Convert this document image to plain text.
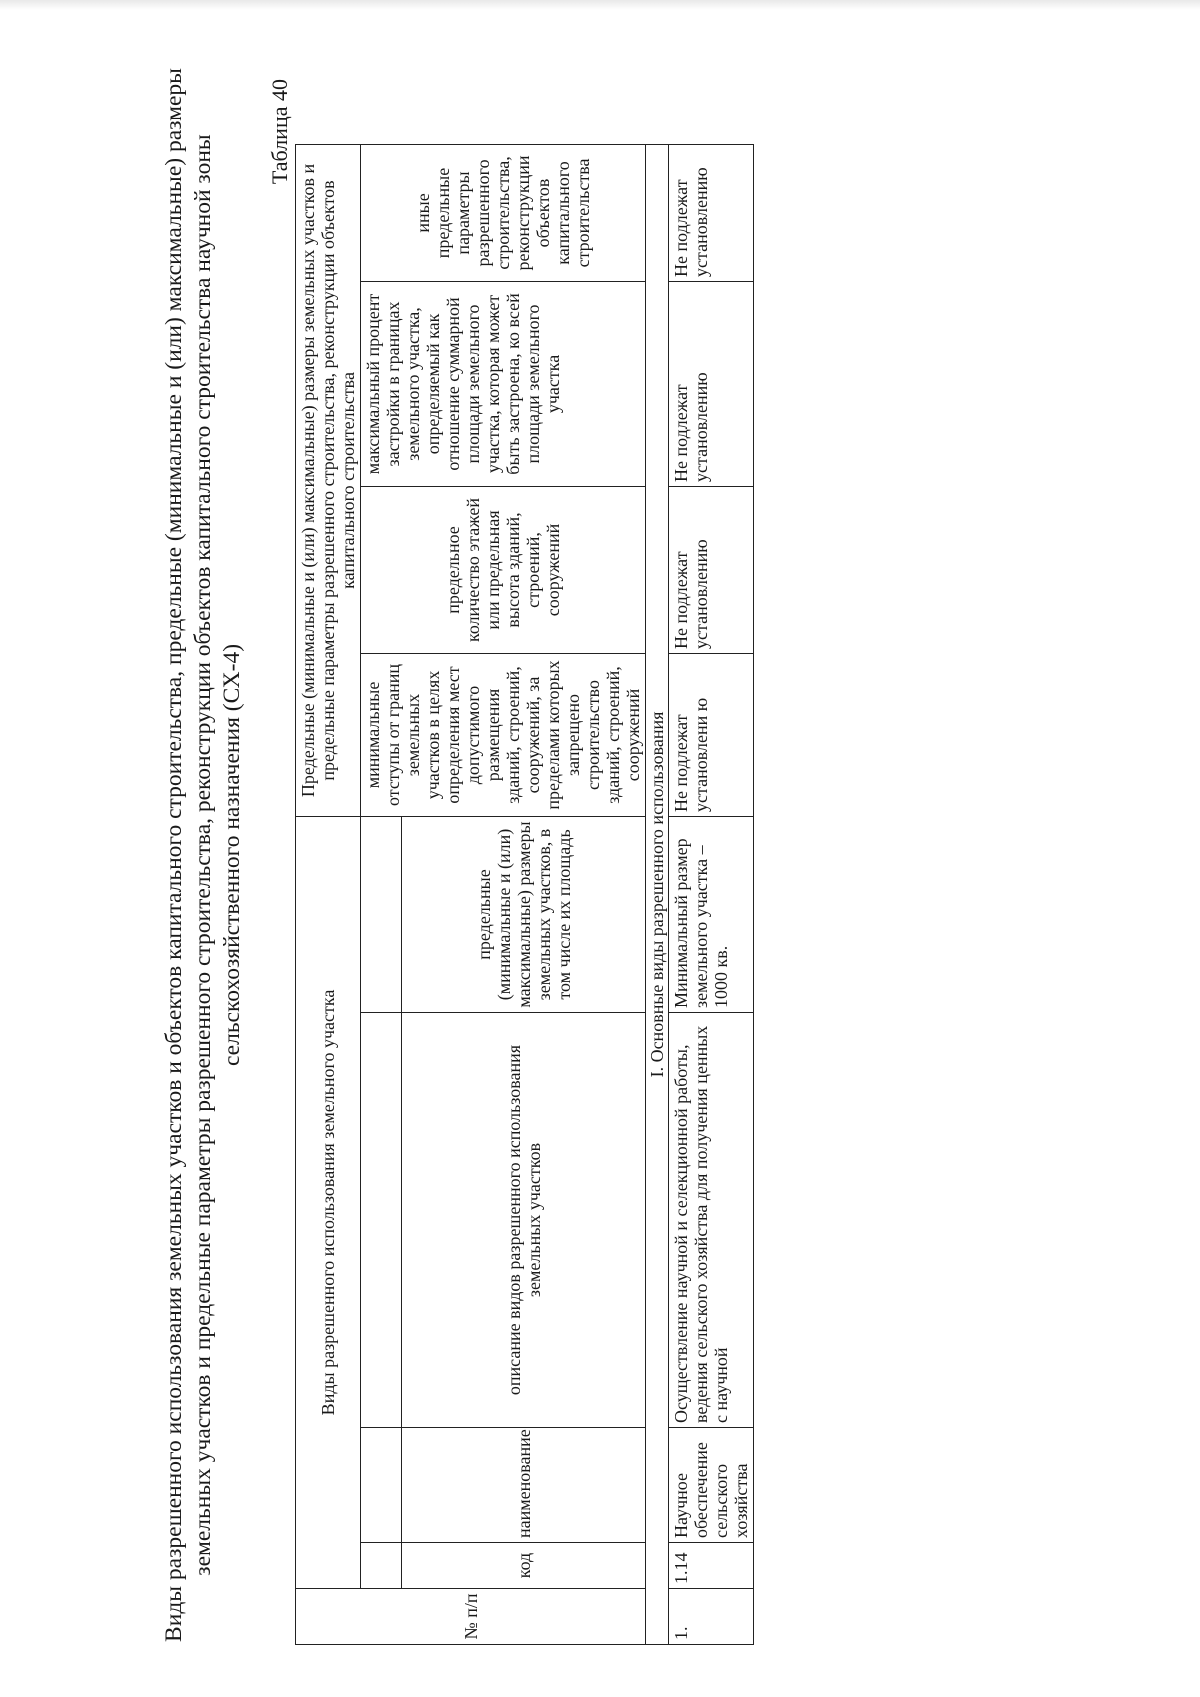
Виды разрешенного использования земельных участков и объектов капитального строительства, предельные (минимальные и (или) максимальные) размеры земельных участков и предельные параметры разрешенного строительства, реконструкции объектов капитального строительства научной зоны сельскохозяйственного назначения (СХ-4)
Таблица 40
№ п/п	Виды разрешенного использования земельного участка				Предельные (минимальные и (или) максимальные) размеры земельных участков и предельные параметры разрешенного строительства, реконструкции объектов капитального строительства			
					минимальные отступы от границ земельных участков в целях определения мест допустимого размещения зданий, строений, сооружений, за пределами которых запрещено строительство зданий, строений, сооружений	предельное количество этажей или предельная высота зданий, строений, сооружений	максимальный процент застройки в границах земельного участка, определяемый как отношение суммарной площади земельного участка, которая может быть застроена, ко всей площади земельного участка	иные предельные параметры разрешенного строительства, реконструкции объектов капитального строительства
	код	наименование	описание видов разрешенного использования земельных участков	предельные (минимальные и (или) максимальные) размеры земельных участков, в том числе их площадь				
I. Основные виды разрешенного использования								
1.	1.14	Научное обеспечение сельского хозяйства	Осуществление научной и селекционной работы, ведения сельского хозяйства для получения ценных с научной	Минимальный размер земельного участка – 1000 кв.	Не подлежат установлени ю	Не подлежат установлению	Не подлежат установлению	Не подлежат установлению
